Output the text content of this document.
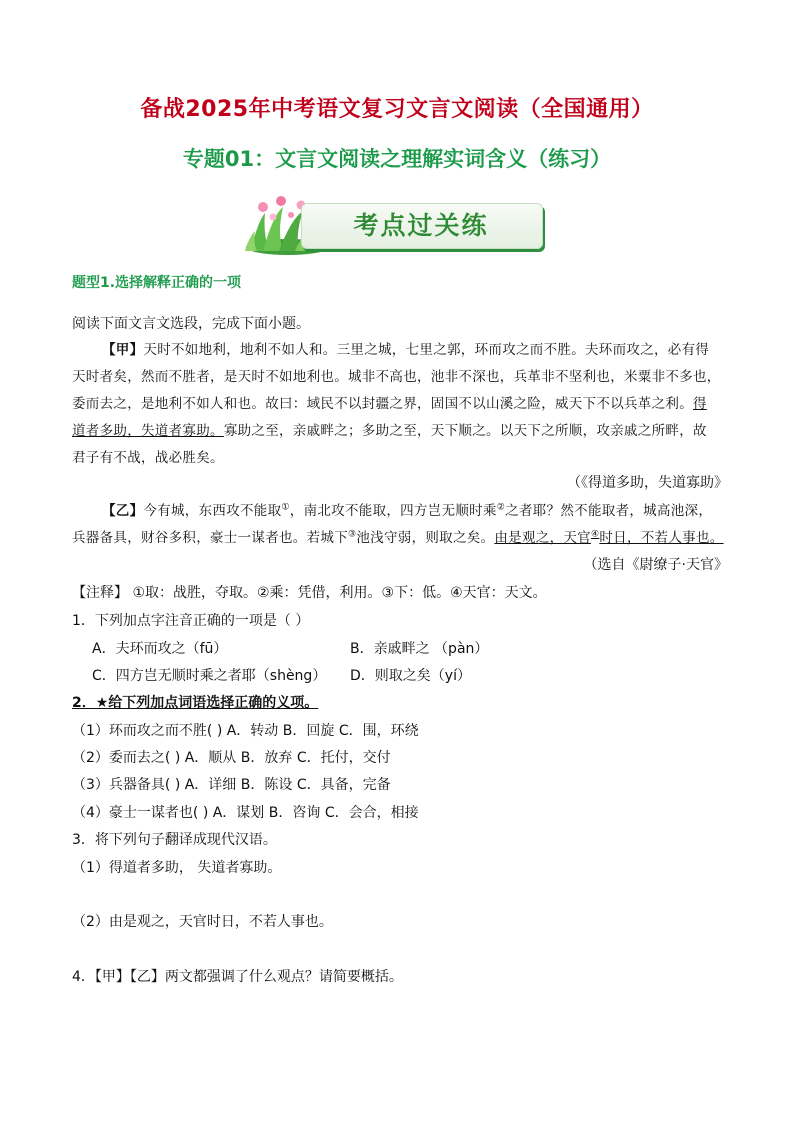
备战2025年中考语文复习文言文阅读（全国通用）
专题01：文言文阅读之理解实词含义（练习）
考点过关练
题型1.选择解释正确的一项
阅读下面文言文选段，完成下面小题。
【甲】天时不如地利，地利不如人和。三里之城，七里之郭，环而攻之而不胜。夫环而攻之，必有得
天时者矣，然而不胜者，是天时不如地利也。城非不高也，池非不深也，兵革非不坚利也，米粟非不多也，
委而去之，是地利不如人和也。故曰：域民不以封疆之界，固国不以山溪之险，威天下不以兵革之利。得
道者多助，失道者寡助。寡助之至，亲戚畔之；多助之至，天下顺之。以天下之所顺，攻亲戚之所畔，故
君子有不战，战必胜矣。
（《得道多助，失道寡助》
【乙】今有城，东西攻不能取①，南北攻不能取，四方岂无顺时乘②之者耶？然不能取者，城高池深，
兵器备具，财谷多积，豪士一谋者也。若城下③池浅守弱，则取之矣。由是观之，天官④时日，不若人事也。
（选自《尉缭子·天官》
【注释】 ①取：战胜，夺取。②乘：凭借，利用。③下：低。④天官：天文。
1．下列加点字注音正确的一项是（ ）
A．夫环而攻之（fū）	B．亲戚畔之 （pàn）
C．四方岂无顺时乘之者耶（shèng） D．则取之矣（yí）
2．★给下列加点词语选择正确的义项。
（1）环而攻之而不胜( ) A．转动 B．回旋 C．围，环绕
（2）委而去之( ) A．顺从 B．放弃 C．托付，交付
（3）兵器备具( ) A．详细 B．陈设 C．具备，完备
（4）豪士一谋者也( ) A．谋划 B．咨询 C．会合，相接
3．将下列句子翻译成现代汉语。
（1）得道者多助， 失道者寡助。
（2）由是观之，天官时日，不若人事也。
4．【甲】【乙】两文都强调了什么观点？请简要概括。
